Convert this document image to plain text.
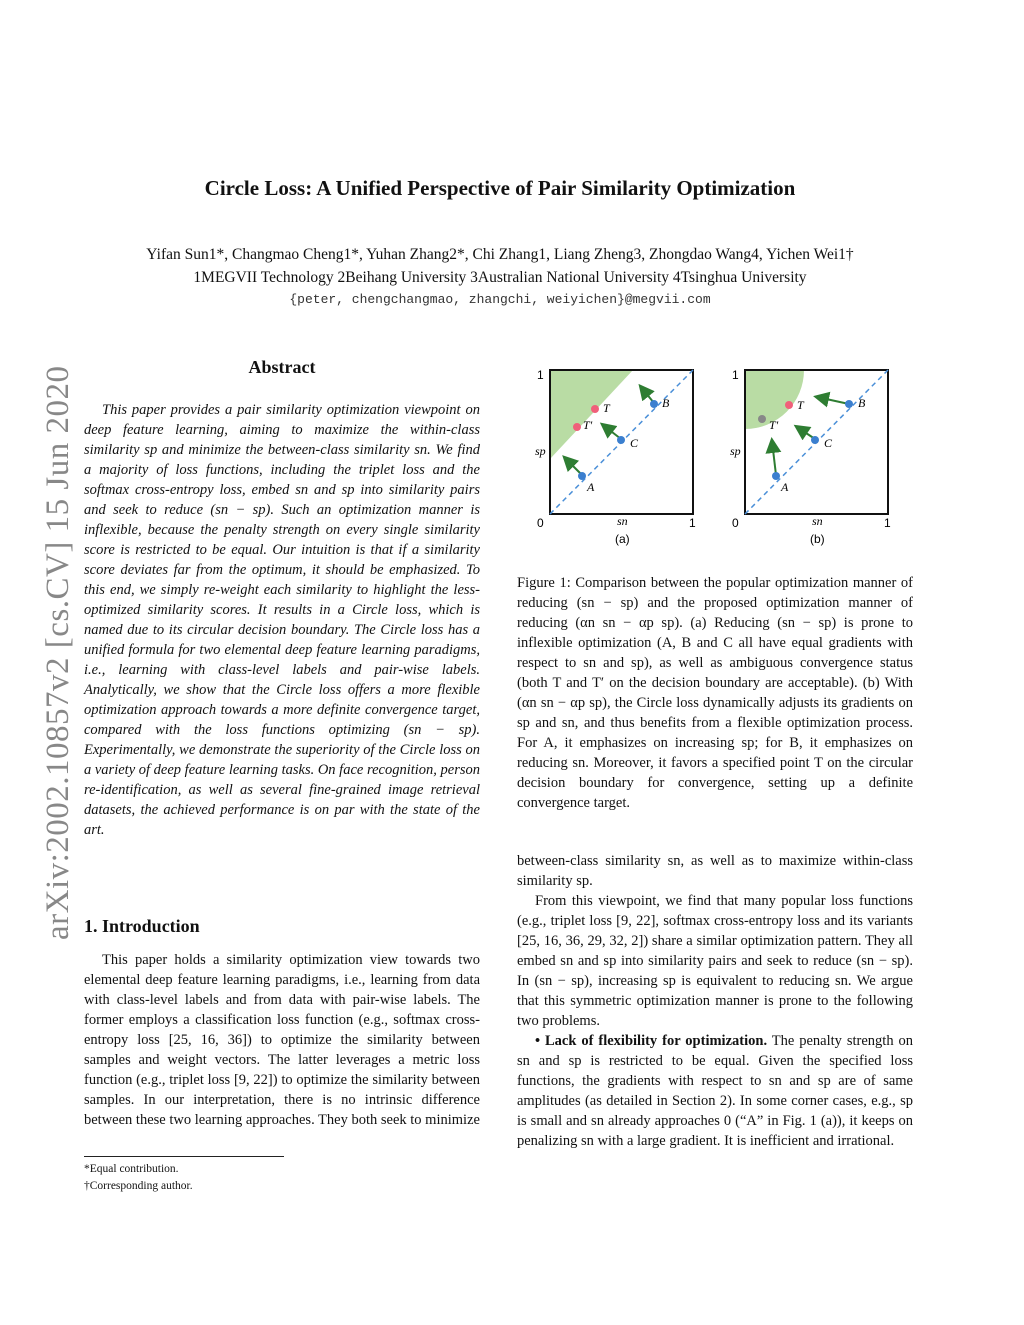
arXiv:2002.10857v2 [cs.CV] 15 Jun 2020
Circle Loss: A Unified Perspective of Pair Similarity Optimization
Yifan Sun1*, Changmao Cheng1*, Yuhan Zhang2*, Chi Zhang1, Liang Zheng3, Zhongdao Wang4, Yichen Wei1†
1MEGVII Technology 2Beihang University 3Australian National University 4Tsinghua University
{peter, chengchangmao, zhangchi, weiyichen}@megvii.com
Abstract
This paper provides a pair similarity optimization viewpoint on deep feature learning, aiming to maximize the within-class similarity sp and minimize the between-class similarity sn. We find a majority of loss functions, including the triplet loss and the softmax cross-entropy loss, embed sn and sp into similarity pairs and seek to reduce (sn − sp). Such an optimization manner is inflexible, because the penalty strength on every single similarity score is restricted to be equal. Our intuition is that if a similarity score deviates far from the optimum, it should be emphasized. To this end, we simply re-weight each similarity to highlight the less-optimized similarity scores. It results in a Circle loss, which is named due to its circular decision boundary. The Circle loss has a unified formula for two elemental deep feature learning paradigms, i.e., learning with class-level labels and pair-wise labels. Analytically, we show that the Circle loss offers a more flexible optimization approach towards a more definite convergence target, compared with the loss functions optimizing (sn − sp). Experimentally, we demonstrate the superiority of the Circle loss on a variety of deep feature learning tasks. On face recognition, person re-identification, as well as several fine-grained image retrieval datasets, the achieved performance is on par with the state of the art.
1. Introduction
This paper holds a similarity optimization view towards two elemental deep feature learning paradigms, i.e., learning from data with class-level labels and from data with pair-wise labels. The former employs a classification loss function (e.g., softmax cross-entropy loss [25, 16, 36]) to optimize the similarity between samples and weight vectors. The latter leverages a metric loss function (e.g., triplet loss [9, 22]) to optimize the similarity between samples. In our interpretation, there is no intrinsic difference between these two learning approaches. They both seek to minimize
*Equal contribution.
†Corresponding author.
A
C
B
T
T′
1
sp
0	sn	1
(a)
A
C
B
T
T′
1
sp
0	sn	1
(b)
Figure 1: Comparison between the popular optimization manner of reducing (sn − sp) and the proposed optimization manner of reducing (αn sn − αp sp). (a) Reducing (sn − sp) is prone to inflexible optimization (A, B and C all have equal gradients with respect to sn and sp), as well as ambiguous convergence status (both T and T′ on the decision boundary are acceptable). (b) With (αn sn − αp sp), the Circle loss dynamically adjusts its gradients on sp and sn, and thus benefits from a flexible optimization process. For A, it emphasizes on increasing sp; for B, it emphasizes on reducing sn. Moreover, it favors a specified point T on the circular decision boundary for convergence, setting up a definite convergence target.

between-class similarity sn, as well as to maximize within-class similarity sp.

From this viewpoint, we find that many popular loss functions (e.g., triplet loss [9, 22], softmax cross-entropy loss and its variants [25, 16, 36, 29, 32, 2]) share a similar optimization pattern. They all embed sn and sp into similarity pairs and seek to reduce (sn − sp). In (sn − sp), increasing sp is equivalent to reducing sn. We argue that this symmetric optimization manner is prone to the following two problems.

• Lack of flexibility for optimization. The penalty strength on sn and sp is restricted to be equal. Given the specified loss functions, the gradients with respect to sn and sp are of same amplitudes (as detailed in Section 2). In some corner cases, e.g., sp is small and sn already approaches 0 (“A” in Fig. 1 (a)), it keeps on penalizing sn with a large gradient. It is inefficient and irrational.
